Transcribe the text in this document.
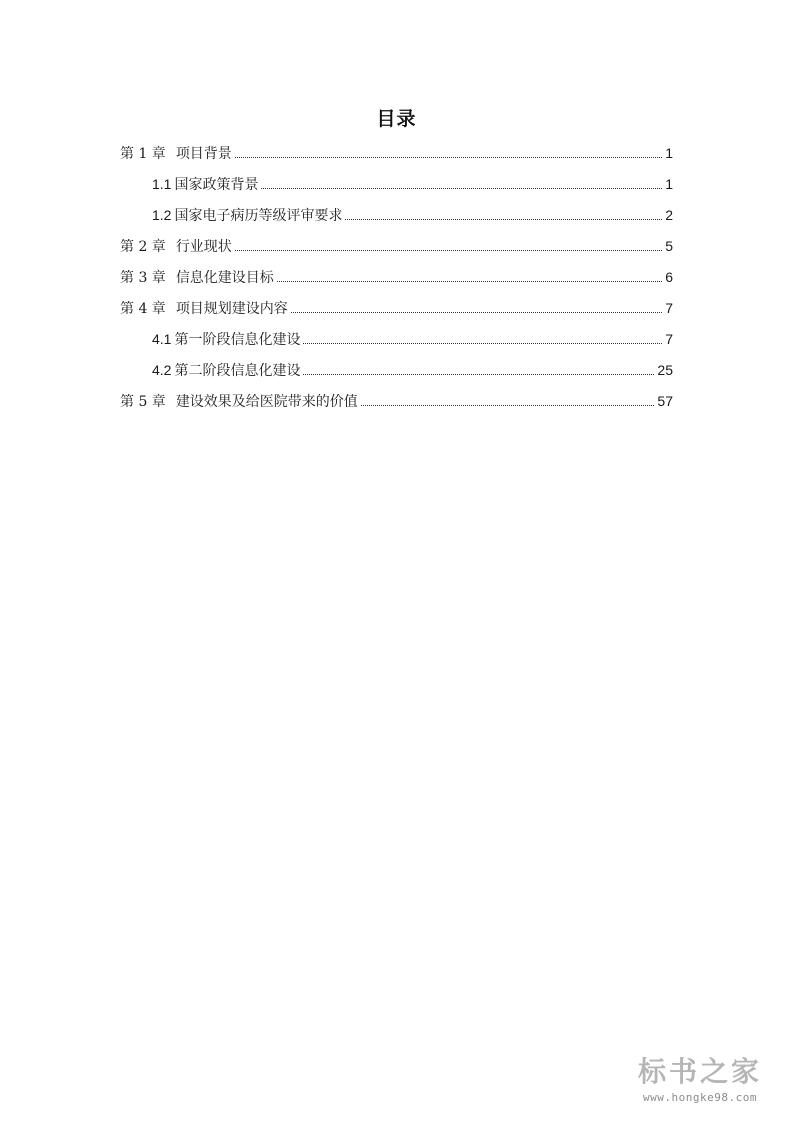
目录
第 1 章 项目背景	1
1.1 国家政策背景	1
1.2 国家电子病历等级评审要求	2
第 2 章 行业现状	5
第 3 章 信息化建设目标	6
第 4 章 项目规划建设内容	7
4.1 第一阶段信息化建设	7
4.2 第二阶段信息化建设	25
第 5 章 建设效果及给医院带来的价值	57
标书之家
www.hongke98.com
